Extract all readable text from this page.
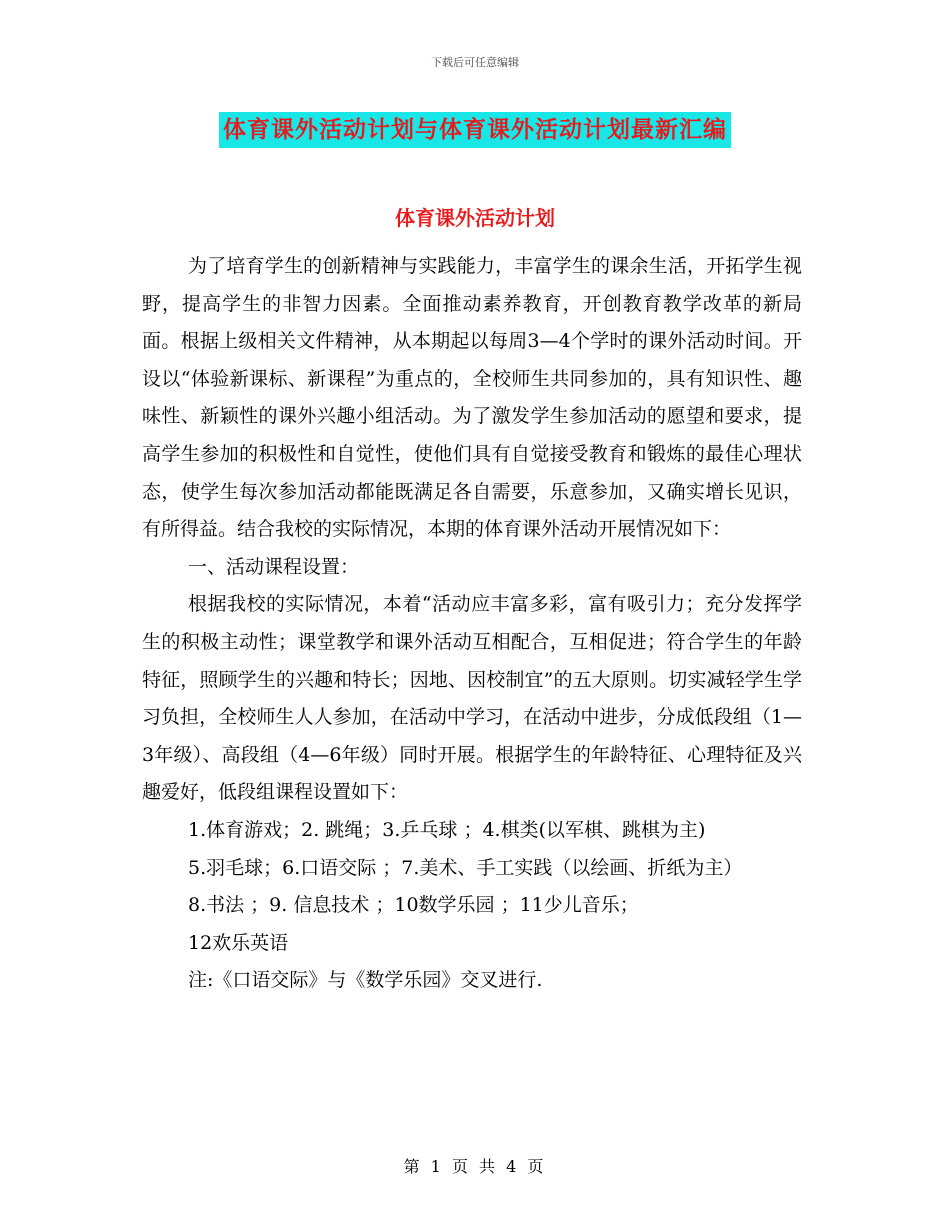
下载后可任意编辑
体育课外活动计划与体育课外活动计划最新汇编
体育课外活动计划

为了培育学生的创新精神与实践能力，丰富学生的课余生活，开拓学生视野，提高学生的非智力因素。全面推动素养教育，开创教育教学改革的新局面。根据上级相关文件精神，从本期起以每周3—4个学时的课外活动时间。开设以“体验新课标、新课程”为重点的，全校师生共同参加的，具有知识性、趣味性、新颖性的课外兴趣小组活动。为了激发学生参加活动的愿望和要求，提高学生参加的积极性和自觉性，使他们具有自觉接受教育和锻炼的最佳心理状态，使学生每次参加活动都能既满足各自需要，乐意参加，又确实增长见识，有所得益。结合我校的实际情况，本期的体育课外活动开展情况如下：

一、活动课程设置：

根据我校的实际情况，本着“活动应丰富多彩，富有吸引力；充分发挥学生的积极主动性；课堂教学和课外活动互相配合，互相促进；符合学生的年龄特征，照顾学生的兴趣和特长；因地、因校制宜”的五大原则。切实减轻学生学习负担，全校师生人人参加，在活动中学习，在活动中进步，分成低段组（1—3年级）、高段组（4—6年级）同时开展。根据学生的年龄特征、心理特征及兴趣爱好，低段组课程设置如下：

1.体育游戏；2. 跳绳；3.乒乓球 ；4.棋类(以军棋、跳棋为主)

5.羽毛球；6.口语交际 ；7.美术、手工实践（以绘画、折纸为主）

8.书法 ；9. 信息技术 ；10数学乐园 ；11少儿音乐；

12欢乐英语

注:《口语交际》与《数学乐园》交叉进行.

第 1 页 共 4 页
